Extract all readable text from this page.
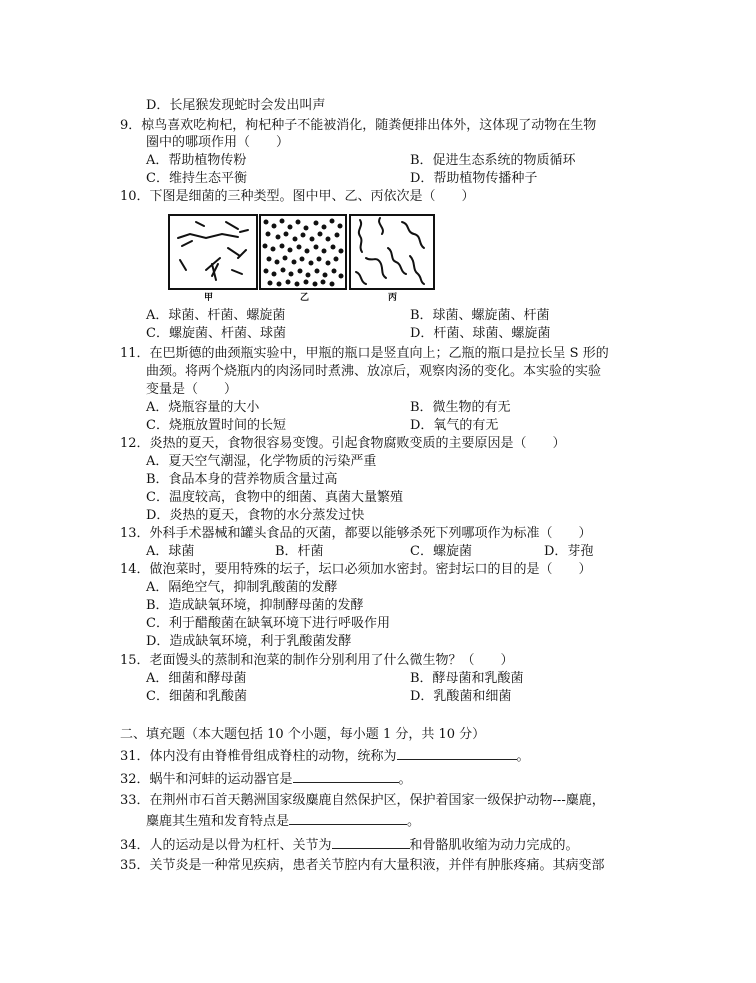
D．长尾猴发现蛇时会发出叫声
9．椋鸟喜欢吃枸杞，枸杞种子不能被消化，随粪便排出体外，这体现了动物在生物
圈中的哪项作用（　　）
A．帮助植物传粉	B．促进生态系统的物质循环
C．维持生态平衡	D．帮助植物传播种子
10．下图是细菌的三种类型。图中甲、乙、丙依次是（　　）
甲	乙	丙
A．球菌、杆菌、螺旋菌	B．球菌、螺旋菌、杆菌
C．螺旋菌、杆菌、球菌	D．杆菌、球菌、螺旋菌
11．在巴斯德的曲颈瓶实验中，甲瓶的瓶口是竖直向上；乙瓶的瓶口是拉长呈 S 形的
曲颈。将两个烧瓶内的肉汤同时煮沸、放凉后，观察肉汤的变化。本实验的实验
变量是（　　）
A．烧瓶容量的大小	B．微生物的有无
C．烧瓶放置时间的长短	D．氧气的有无
12．炎热的夏天，食物很容易变馊。引起食物腐败变质的主要原因是（　　）
A．夏天空气潮湿，化学物质的污染严重
B．食品本身的营养物质含量过高
C．温度较高，食物中的细菌、真菌大量繁殖
D．炎热的夏天，食物的水分蒸发过快
13．外科手术器械和罐头食品的灭菌，都要以能够杀死下列哪项作为标准（　　）
A．球菌	B．杆菌	C．螺旋菌	D．芽孢
14．做泡菜时，要用特殊的坛子，坛口必须加水密封。密封坛口的目的是（　　）
A．隔绝空气，抑制乳酸菌的发酵
B．造成缺氧环境，抑制酵母菌的发酵
C．利于醋酸菌在缺氧环境下进行呼吸作用
D．造成缺氧环境，利于乳酸菌发酵
15．老面馒头的蒸制和泡菜的制作分别利用了什么微生物？（　　）
A．细菌和酵母菌	B．酵母菌和乳酸菌
C．细菌和乳酸菌	D．乳酸菌和细菌
二、填充题（本大题包括 10 个小题，每小题 1 分，共 10 分）
31．体内没有由脊椎骨组成脊柱的动物，统称为	。
32．蜗牛和河蚌的运动器官是	。
33．在荆州市石首天鹅洲国家级麋鹿自然保护区，保护着国家一级保护动物---麋鹿，
麋鹿其生殖和发育特点是	。
34．人的运动是以骨为杠杆、关节为	和骨骼肌收缩为动力完成的。
35．关节炎是一种常见疾病，患者关节腔内有大量积液，并伴有肿胀疼痛。其病变部
